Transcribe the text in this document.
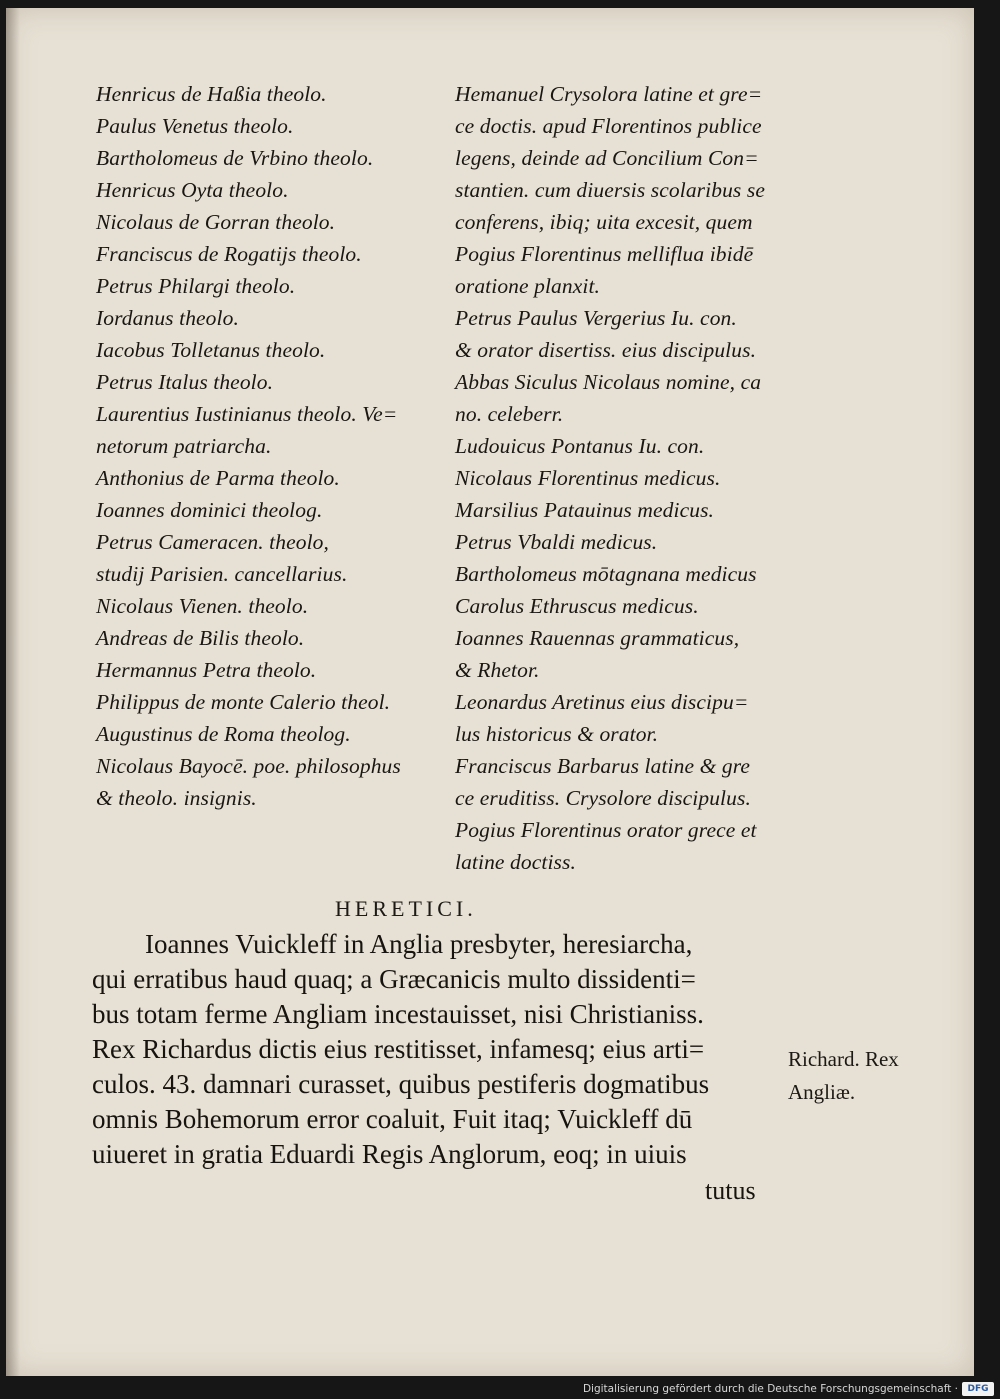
Henricus de Haßia theolo.
Paulus Venetus theolo.
Bartholomeus de Vrbino theolo.
Henricus Oyta theolo.
Nicolaus de Gorran theolo.
Franciscus de Rogatijs theolo.
Petrus Philargi theolo.
Iordanus theolo.
Iacobus Tolletanus theolo.
Petrus Italus theolo.
Laurentius Iustinianus theolo. Ve=
netorum patriarcha.
Anthonius de Parma theolo.
Ioannes dominici theolog.
Petrus Cameracen. theolo,
studij Parisien. cancellarius.
Nicolaus Vienen. theolo.
Andreas de Bilis theolo.
Hermannus Petra theolo.
Philippus de monte Calerio theol.
Augustinus de Roma theolog.
Nicolaus Bayocē. poe. philosophus
& theolo. insignis.
Hemanuel Crysolora latine et gre=
ce doctis. apud Florentinos publice
legens, deinde ad Concilium Con=
stantien. cum diuersis scolaribus se
conferens, ibiq; uita excesit, quem
Pogius Florentinus melliflua ibidē
oratione planxit.
Petrus Paulus Vergerius Iu. con.
& orator disertiss. eius discipulus.
Abbas Siculus Nicolaus nomine, ca
no. celeberr.
Ludouicus Pontanus Iu. con.
Nicolaus Florentinus medicus.
Marsilius Patauinus medicus.
Petrus Vbaldi medicus.
Bartholomeus mōtagnana medicus
Carolus Ethruscus medicus.
Ioannes Rauennas grammaticus,
& Rhetor.
Leonardus Aretinus eius discipu=
lus historicus & orator.
Franciscus Barbarus latine & gre
ce eruditiss. Crysolore discipulus.
Pogius Florentinus orator grece et
latine doctiss.
HERETICI.
Ioannes Vuickleff in Anglia presbyter, heresiarcha,
qui erratibus haud quaq; a Græcanicis multo dissidenti=
bus totam ferme Angliam incestauisset, nisi Christianiss.
Rex Richardus dictis eius restitisset, infamesq; eius arti=
culos. 43. damnari curasset, quibus pestiferis dogmatibus
omnis Bohemorum error coaluit, Fuit itaq; Vuickleff dū
uiueret in gratia Eduardi Regis Anglorum, eoq; in uiuis
tutus
Richard. Rex
Angliæ.
Digitalisierung gefördert durch die Deutsche Forschungsgemeinschaft ·	DFG
